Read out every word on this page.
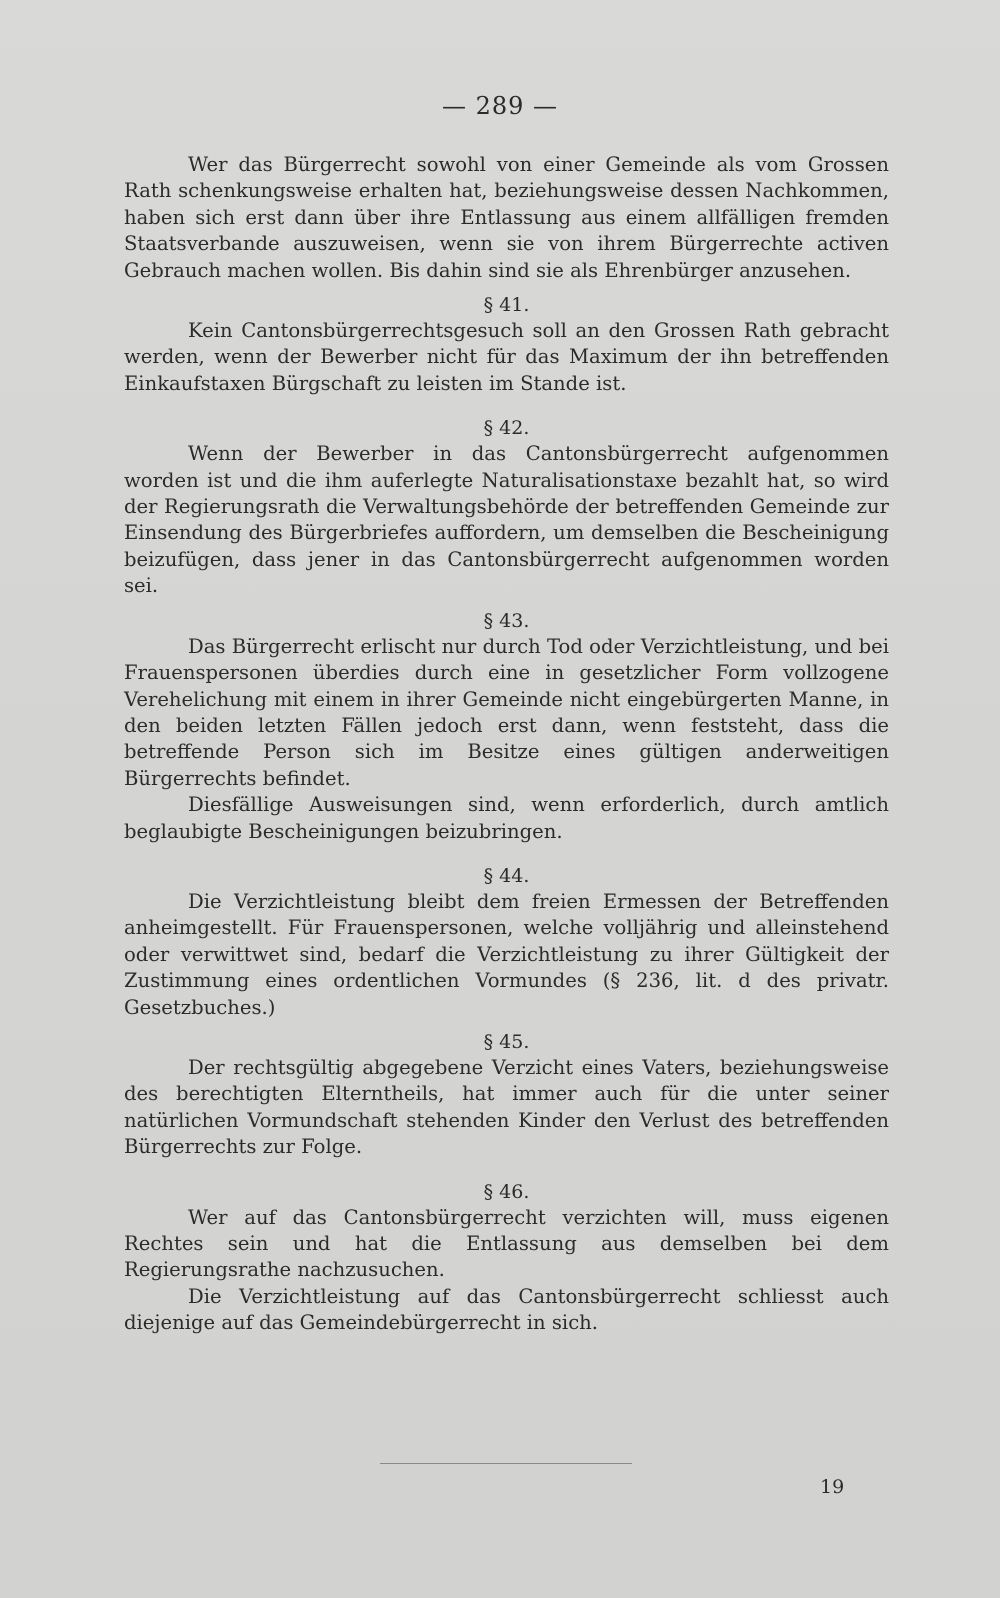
— 289 —

Wer das Bürgerrecht sowohl von einer Gemeinde als vom Grossen Rath schenkungsweise erhalten hat, beziehungsweise dessen Nachkommen, haben sich erst dann über ihre Entlassung aus einem allfälligen fremden Staatsverbande auszuweisen, wenn sie von ihrem Bürgerrechte activen Gebrauch machen wollen. Bis dahin sind sie als Ehrenbürger anzusehen.

§ 41.

Kein Cantonsbürgerrechtsgesuch soll an den Grossen Rath gebracht werden, wenn der Bewerber nicht für das Maximum der ihn betreffenden Einkaufstaxen Bürgschaft zu leisten im Stande ist.

§ 42.

Wenn der Bewerber in das Cantonsbürgerrecht aufgenommen worden ist und die ihm auferlegte Naturalisationstaxe bezahlt hat, so wird der Regierungsrath die Verwaltungsbehörde der betreffenden Gemeinde zur Einsendung des Bürgerbriefes auffordern, um demselben die Bescheinigung beizufügen, dass jener in das Cantonsbürgerrecht aufgenommen worden sei.

§ 43.

Das Bürgerrecht erlischt nur durch Tod oder Verzichtleistung, und bei Frauenspersonen überdies durch eine in gesetzlicher Form vollzogene Verehelichung mit einem in ihrer Gemeinde nicht eingebürgerten Manne, in den beiden letzten Fällen jedoch erst dann, wenn feststeht, dass die betreffende Person sich im Besitze eines gültigen anderweitigen Bürgerrechts befindet.

Diesfällige Ausweisungen sind, wenn erforderlich, durch amtlich beglaubigte Bescheinigungen beizubringen.

§ 44.

Die Verzichtleistung bleibt dem freien Ermessen der Betreffenden anheimgestellt. Für Frauenspersonen, welche volljährig und alleinstehend oder verwittwet sind, bedarf die Verzichtleistung zu ihrer Gültigkeit der Zustimmung eines ordentlichen Vormundes (§ 236, lit. d des privatr. Gesetzbuches.)

§ 45.

Der rechtsgültig abgegebene Verzicht eines Vaters, beziehungsweise des berechtigten Elterntheils, hat immer auch für die unter seiner natürlichen Vormundschaft stehenden Kinder den Verlust des betreffenden Bürgerrechts zur Folge.

§ 46.

Wer auf das Cantonsbürgerrecht verzichten will, muss eigenen Rechtes sein und hat die Entlassung aus demselben bei dem Regierungsrathe nachzusuchen.

Die Verzichtleistung auf das Cantonsbürgerrecht schliesst auch diejenige auf das Gemeindebürgerrecht in sich.

19
